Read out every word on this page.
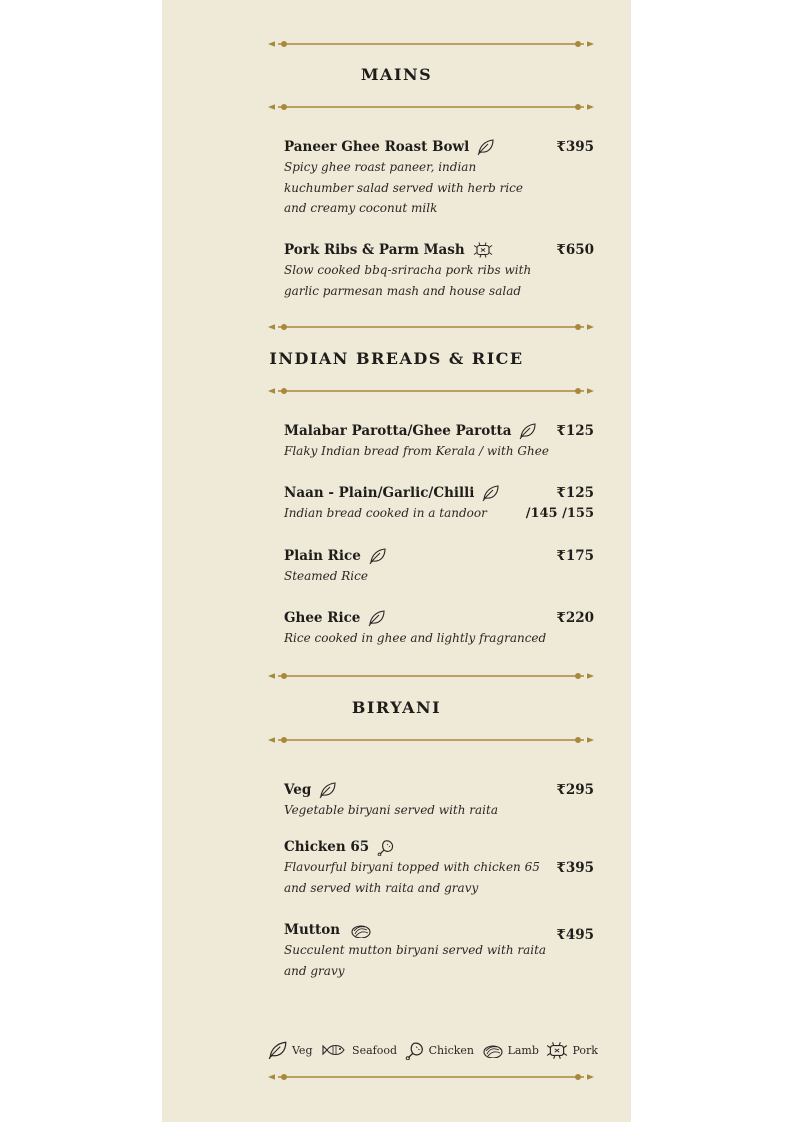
MAINS
Paneer Ghee Roast Bowl
Spicy ghee roast paneer, indian
kuchumber salad served with herb rice
and creamy coconut milk
₹395
Pork Ribs & Parm Mash
Slow cooked bbq-sriracha pork ribs with
garlic parmesan mash and house salad
₹650
INDIAN BREADS & RICE
Malabar Parotta/Ghee Parotta
Flaky Indian bread from Kerala / with Ghee
₹125
Naan - Plain/Garlic/Chilli
Indian bread cooked in a tandoor
₹125
/145 /155
Plain Rice
Steamed Rice
₹175
Ghee Rice
Rice cooked in ghee and lightly fragranced
₹220
BIRYANI
Veg
Vegetable biryani served with raita
₹295
Chicken 65
Flavourful biryani topped with chicken 65
and served with raita and gravy
₹395
Mutton
Succulent mutton biryani served with raita
and gravy
₹495
Veg	Seafood	Chicken	Lamb	Pork
